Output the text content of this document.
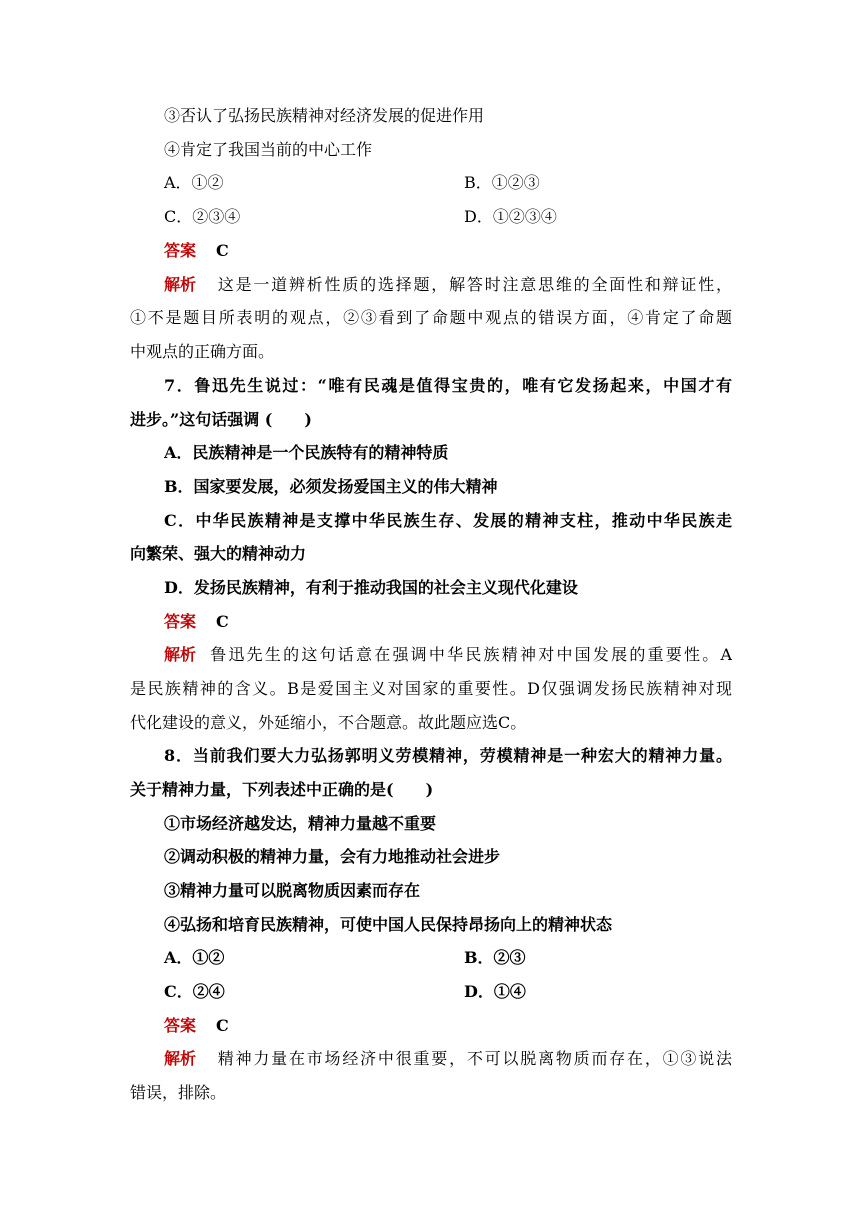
③否认了弘扬民族精神对经济发展的促进作用
④肯定了我国当前的中心工作
A．①②	B．①②③
C．②③④	D．①②③④
答案 C
解析 这是一道辨析性质的选择题，解答时注意思维的全面性和辩证性，
①不是题目所表明的观点，②③看到了命题中观点的错误方面，④肯定了命题
中观点的正确方面。
7．鲁迅先生说过：“唯有民魂是值得宝贵的，唯有它发扬起来，中国才有
进步。”这句话强调 (　　)
A．民族精神是一个民族特有的精神特质
B．国家要发展，必须发扬爱国主义的伟大精神
C．中华民族精神是支撑中华民族生存、发展的精神支柱，推动中华民族走
向繁荣、强大的精神动力
D．发扬民族精神，有利于推动我国的社会主义现代化建设
答案 C
解析 鲁迅先生的这句话意在强调中华民族精神对中国发展的重要性。A
是民族精神的含义。B是爱国主义对国家的重要性。D仅强调发扬民族精神对现
代化建设的意义，外延缩小，不合题意。故此题应选C。
8．当前我们要大力弘扬郭明义劳模精神，劳模精神是一种宏大的精神力量。
关于精神力量，下列表述中正确的是(　　)
①市场经济越发达，精神力量越不重要
②调动积极的精神力量，会有力地推动社会进步
③精神力量可以脱离物质因素而存在
④弘扬和培育民族精神，可使中国人民保持昂扬向上的精神状态
A．①②	B．②③
C．②④	D．①④
答案 C
解析 精神力量在市场经济中很重要，不可以脱离物质而存在，①③说法
错误，排除。
